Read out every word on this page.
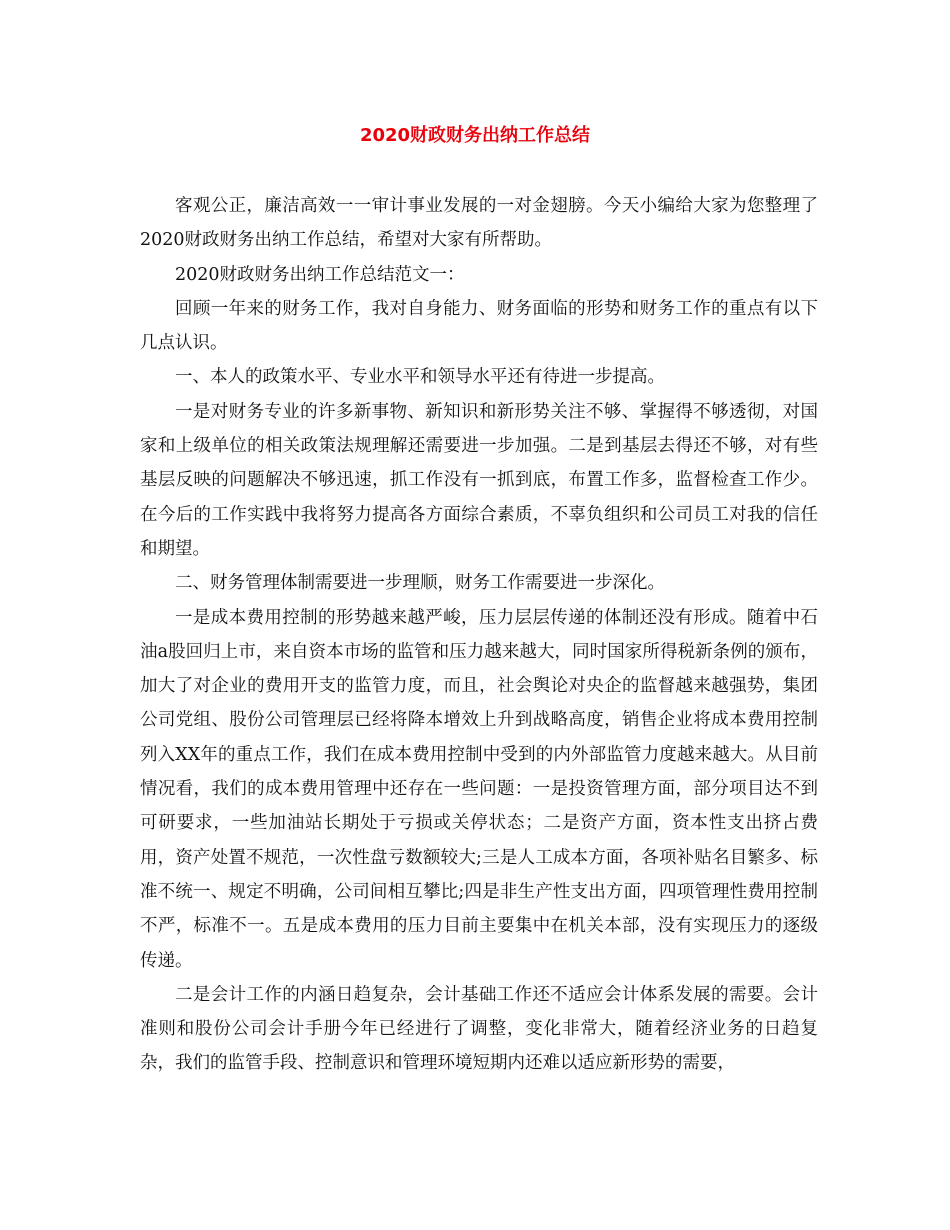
2020财政财务出纳工作总结

客观公正，廉洁高效一一审计事业发展的一对金翅膀。今天小编给大家为您整理了2020财政财务出纳工作总结，希望对大家有所帮助。

2020财政财务出纳工作总结范文一：

回顾一年来的财务工作，我对自身能力、财务面临的形势和财务工作的重点有以下几点认识。

一、本人的政策水平、专业水平和领导水平还有待进一步提高。

一是对财务专业的许多新事物、新知识和新形势关注不够、掌握得不够透彻，对国家和上级单位的相关政策法规理解还需要进一步加强。二是到基层去得还不够，对有些基层反映的问题解决不够迅速，抓工作没有一抓到底，布置工作多，监督检查工作少。在今后的工作实践中我将努力提高各方面综合素质，不辜负组织和公司员工对我的信任和期望。

二、财务管理体制需要进一步理顺，财务工作需要进一步深化。

一是成本费用控制的形势越来越严峻，压力层层传递的体制还没有形成。随着中石油a股回归上市，来自资本市场的监管和压力越来越大，同时国家所得税新条例的颁布，加大了对企业的费用开支的监管力度，而且，社会舆论对央企的监督越来越强势，集团公司党组、股份公司管理层已经将降本增效上升到战略高度，销售企业将成本费用控制列入XX年的重点工作，我们在成本费用控制中受到的内外部监管力度越来越大。从目前情况看，我们的成本费用管理中还存在一些问题：一是投资管理方面，部分项目达不到可研要求，一些加油站长期处于亏损或关停状态；二是资产方面，资本性支出挤占费用，资产处置不规范，一次性盘亏数额较大;三是人工成本方面，各项补贴名目繁多、标准不统一、规定不明确，公司间相互攀比;四是非生产性支出方面，四项管理性费用控制不严，标准不一。五是成本费用的压力目前主要集中在机关本部，没有实现压力的逐级传递。

二是会计工作的内涵日趋复杂，会计基础工作还不适应会计体系发展的需要。会计准则和股份公司会计手册今年已经进行了调整，变化非常大，随着经济业务的日趋复杂，我们的监管手段、控制意识和管理环境短期内还难以适应新形势的需要，
